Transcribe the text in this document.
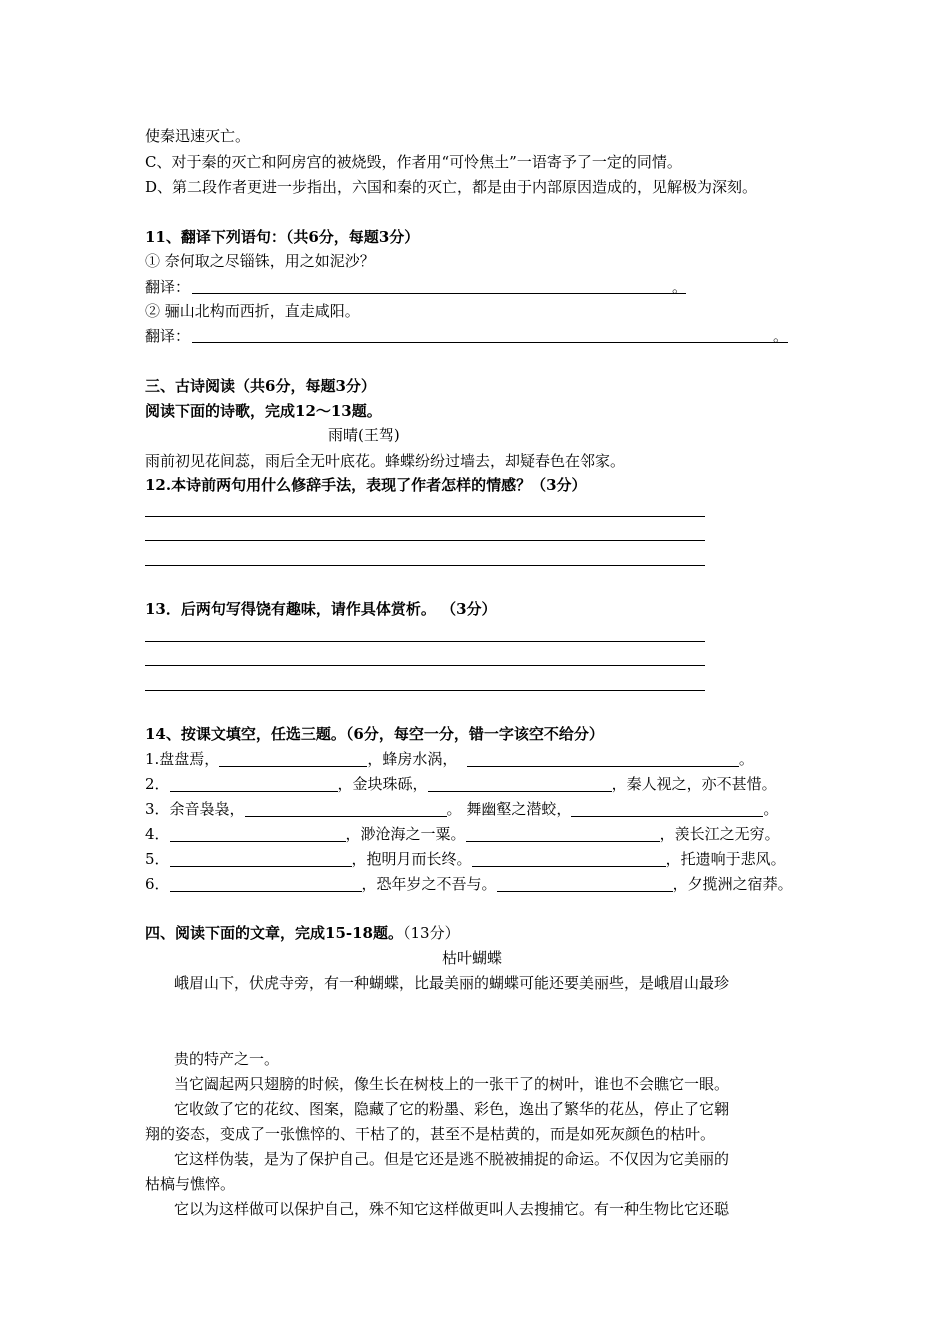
使秦迅速灭亡。
C、对于秦的灭亡和阿房宫的被烧毁，作者用“可怜焦土”一语寄予了一定的同情。
D、第二段作者更进一步指出，六国和秦的灭亡，都是由于内部原因造成的，见解极为深刻。
11、翻译下列语句：（共6分，每题3分）
① 奈何取之尽锱铢，用之如泥沙？
翻译：	。
② 骊山北构而西折，直走咸阳。
翻译：	。
三、古诗阅读（共6分，每题3分）
阅读下面的诗歌，完成12～13题。
雨晴(王驾)
雨前初见花间蕊，雨后全无叶底花。蜂蝶纷纷过墙去，却疑春色在邻家。
12.本诗前两句用什么修辞手法，表现了作者怎样的情感？（3分）
13．后两句写得饶有趣味，请作具体赏析。 （3分）
14、按课文填空，任选三题。（6分，每空一分，错一字该空不给分）
1.盘盘焉，	，蜂房水涡，	。
2．	，金块珠砾，	，秦人视之，亦不甚惜。
3．余音袅袅，	。 舞幽壑之潜蛟，	。
4．	，渺沧海之一粟。	，羡长江之无穷。
5．	，抱明月而长终。	，托遗响于悲风。
6．	，恐年岁之不吾与。	，夕揽洲之宿莽。
四、阅读下面的文章，完成15-18题。（13分）
枯叶蝴蝶
峨眉山下，伏虎寺旁，有一种蝴蝶，比最美丽的蝴蝶可能还要美丽些，是峨眉山最珍
贵的特产之一。
当它阖起两只翅膀的时候，像生长在树枝上的一张干了的树叶，谁也不会瞧它一眼。
它收敛了它的花纹、图案，隐藏了它的粉墨、彩色，逸出了繁华的花丛，停止了它翱
翔的姿态，变成了一张憔悴的、干枯了的，甚至不是枯黄的，而是如死灰颜色的枯叶。
它这样伪装，是为了保护自己。但是它还是逃不脱被捕捉的命运。不仅因为它美丽的
枯槁与憔悴。
它以为这样做可以保护自己，殊不知它这样做更叫人去搜捕它。有一种生物比它还聪
